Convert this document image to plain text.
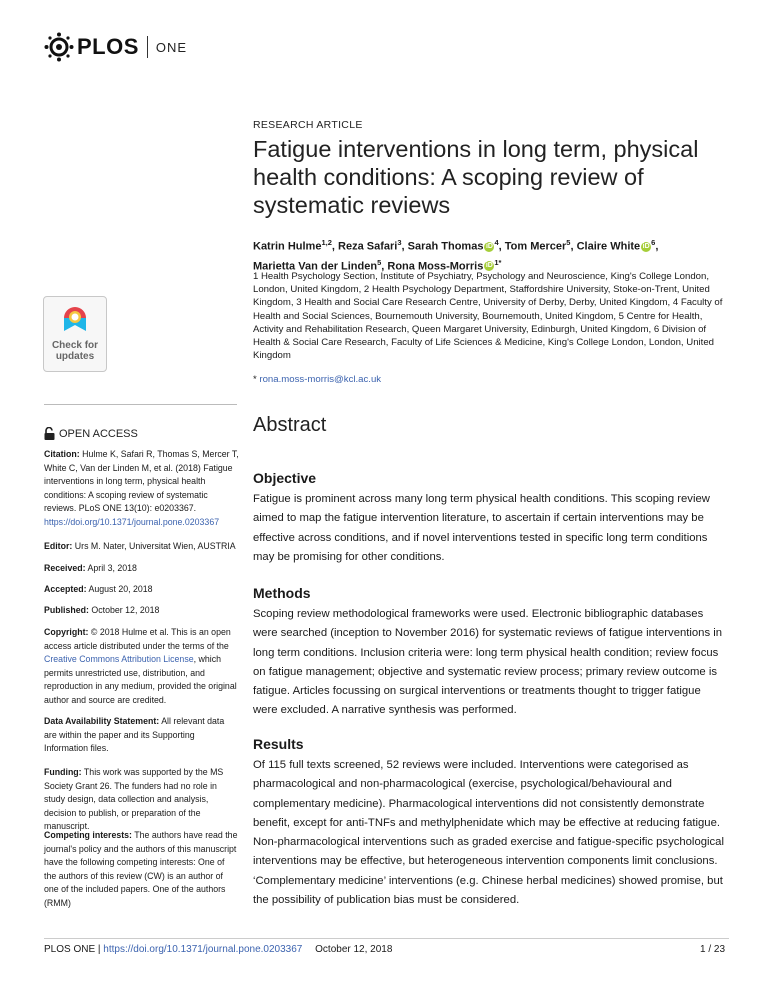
PLOS ONE
Check for
updates
RESEARCH ARTICLE
Fatigue interventions in long term, physical health conditions: A scoping review of systematic reviews
Katrin Hulme$^{1,2}$, Reza Safari$^3$, Sarah Thomas iD $^4$, Tom Mercer$^5$, Claire White iD $^6$,
Marietta Van der Linden$^5$, Rona Moss-Morris iD $^{1*}$
1 Health Psychology Section, Institute of Psychiatry, Psychology and Neuroscience, King's College London, London, United Kingdom, 2 Health Psychology Department, Staffordshire University, Stoke-on-Trent, United Kingdom, 3 Health and Social Care Research Centre, University of Derby, Derby, United Kingdom, 4 Faculty of Health and Social Sciences, Bournemouth University, Bournemouth, United Kingdom, 5 Centre for Health, Activity and Rehabilitation Research, Queen Margaret University, Edinburgh, United Kingdom, 6 Division of Health & Social Care Research, Faculty of Life Sciences & Medicine, King's College London, London, United Kingdom
* rona.moss-morris@kcl.ac.uk
Abstract
Objective

Fatigue is prominent across many long term physical health conditions. This scoping review aimed to map the fatigue intervention literature, to ascertain if certain interventions may be effective across conditions, and if novel interventions tested in specific long term conditions may be promising for other conditions.

Methods

Scoping review methodological frameworks were used. Electronic bibliographic databases were searched (inception to November 2016) for systematic reviews of fatigue interventions in long term conditions. Inclusion criteria were: long term physical health condition; review focus on fatigue management; objective and systematic review process; primary review outcome is fatigue. Articles focussing on surgical interventions or treatments thought to trigger fatigue were excluded. A narrative synthesis was performed.

Results

Of 115 full texts screened, 52 reviews were included. Interventions were categorised as pharmacological and non-pharmacological (exercise, psychological/behavioural and complementary medicine). Pharmacological interventions did not consistently demonstrate benefit, except for anti-TNFs and methylphenidate which may be effective at reducing fatigue. Non-pharmacological interventions such as graded exercise and fatigue-specific psychological interventions may be effective, but heterogeneous intervention components limit conclusions. ‘Complementary medicine’ interventions (e.g. Chinese herbal medicines) showed promise, but the possibility of publication bias must be considered.

OPEN ACCESS

Citation: Hulme K, Safari R, Thomas S, Mercer T, White C, Van der Linden M, et al. (2018) Fatigue interventions in long term, physical health conditions: A scoping review of systematic reviews. PLoS ONE 13(10): e0203367. https://doi.org/10.1371/journal.pone.0203367

Editor: Urs M. Nater, Universitat Wien, AUSTRIA

Received: April 3, 2018

Accepted: August 20, 2018

Published: October 12, 2018

Copyright: © 2018 Hulme et al. This is an open access article distributed under the terms of the Creative Commons Attribution License, which permits unrestricted use, distribution, and reproduction in any medium, provided the original author and source are credited.

Data Availability Statement: All relevant data are within the paper and its Supporting Information files.

Funding: This work was supported by the MS Society Grant 26. The funders had no role in study design, data collection and analysis, decision to publish, or preparation of the manuscript.

Competing interests: The authors have read the journal's policy and the authors of this manuscript have the following competing interests: One of the authors of this review (CW) is an author of one of the included papers. One of the authors (RMM)

PLOS ONE | https://doi.org/10.1371/journal.pone.0203367 October 12, 2018	1 / 23
